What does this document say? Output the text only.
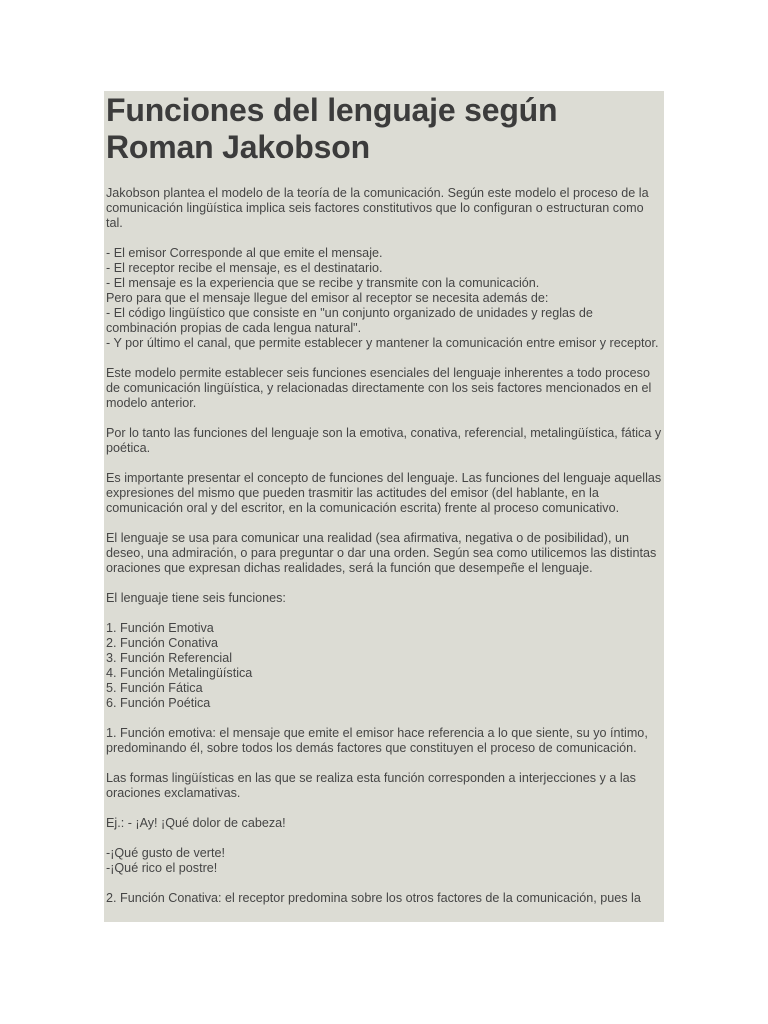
Funciones del lenguaje según Roman Jakobson

Jakobson plantea el modelo de la teoría de la comunicación. Según este modelo el proceso de la comunicación lingüística implica seis factores constitutivos que lo configuran o estructuran como tal.

- El emisor Corresponde al que emite el mensaje.
- El receptor recibe el mensaje, es el destinatario.
- El mensaje es la experiencia que se recibe y transmite con la comunicación.
Pero para que el mensaje llegue del emisor al receptor se necesita además de:
- El código lingüístico que consiste en "un conjunto organizado de unidades y reglas de combinación propias de cada lengua natural".
- Y por último el canal, que permite establecer y mantener la comunicación entre emisor y receptor.

Este modelo permite establecer seis funciones esenciales del lenguaje inherentes a todo proceso de comunicación lingüística, y relacionadas directamente con los seis factores mencionados en el modelo anterior.

Por lo tanto las funciones del lenguaje son la emotiva, conativa, referencial, metalingüística, fática y poética.

Es importante presentar el concepto de funciones del lenguaje. Las funciones del lenguaje aquellas expresiones del mismo que pueden trasmitir las actitudes del emisor (del hablante, en la comunicación oral y del escritor, en la comunicación escrita) frente al proceso comunicativo.

El lenguaje se usa para comunicar una realidad (sea afirmativa, negativa o de posibilidad), un deseo, una admiración, o para preguntar o dar una orden. Según sea como utilicemos las distintas oraciones que expresan dichas realidades, será la función que desempeñe el lenguaje.

El lenguaje tiene seis funciones:

1. Función Emotiva
2. Función Conativa
3. Función Referencial
4. Función Metalingüística
5. Función Fática
6. Función Poética

1. Función emotiva: el mensaje que emite el emisor hace referencia a lo que siente, su yo íntimo, predominando él, sobre todos los demás factores que constituyen el proceso de comunicación.

Las formas lingüísticas en las que se realiza esta función corresponden a interjecciones y a las oraciones exclamativas.

Ej.: - ¡Ay! ¡Qué dolor de cabeza!

-¡Qué gusto de verte!
-¡Qué rico el postre!

2. Función Conativa: el receptor predomina sobre los otros factores de la comunicación, pues la
